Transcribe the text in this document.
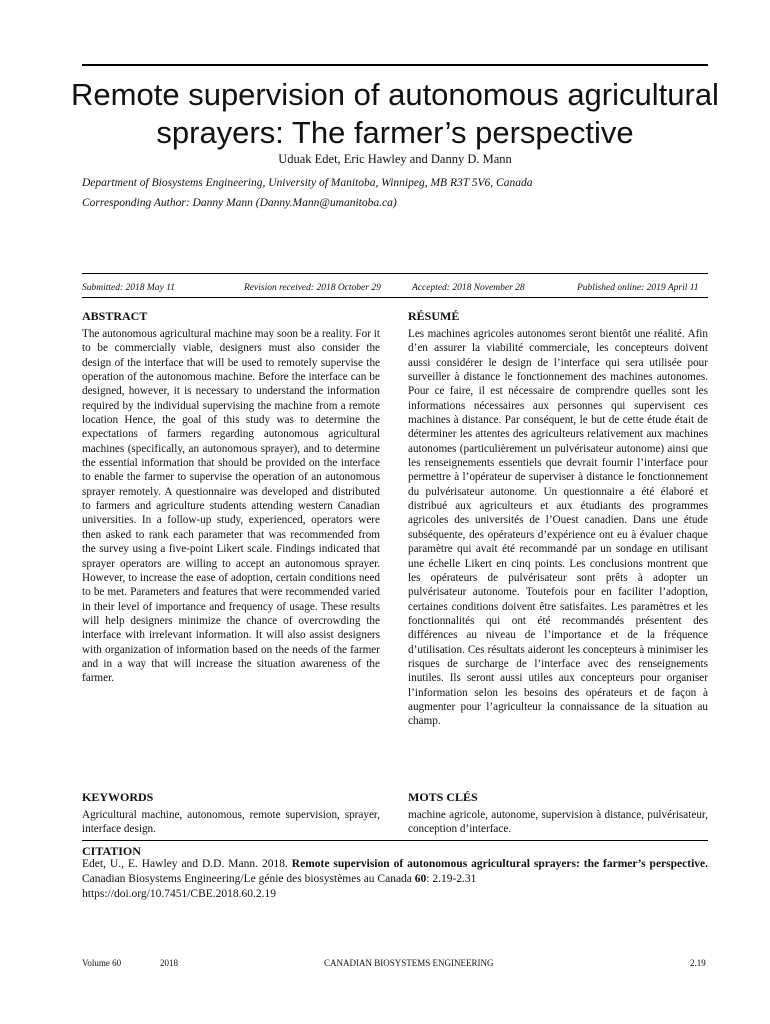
Remote supervision of autonomous agricultural sprayers: The farmer’s perspective
Uduak Edet, Eric Hawley and Danny D. Mann
Department of Biosystems Engineering, University of Manitoba, Winnipeg, MB R3T 5V6, Canada
Corresponding Author: Danny Mann (Danny.Mann@umanitoba.ca)
Submitted: 2018 May 11	Revision received: 2018 October 29	Accepted: 2018 November 28	Published online: 2019 April 11
ABSTRACT
The autonomous agricultural machine may soon be a reality. For it to be commercially viable, designers must also consider the design of the interface that will be used to remotely supervise the operation of the autonomous machine. Before the interface can be designed, however, it is necessary to understand the information required by the individual supervising the machine from a remote location Hence, the goal of this study was to determine the expectations of farmers regarding autonomous agricultural machines (specifically, an autonomous sprayer), and to determine the essential information that should be provided on the interface to enable the farmer to supervise the operation of an autonomous sprayer remotely. A questionnaire was developed and distributed to farmers and agriculture students attending western Canadian universities. In a follow-up study, experienced, operators were then asked to rank each parameter that was recommended from the survey using a five-point Likert scale. Findings indicated that sprayer operators are willing to accept an autonomous sprayer. However, to increase the ease of adoption, certain conditions need to be met. Parameters and features that were recommended varied in their level of importance and frequency of usage. These results will help designers minimize the chance of overcrowding the interface with irrelevant information. It will also assist designers with organization of information based on the needs of the farmer and in a way that will increase the situation awareness of the farmer.
RÉSUMÉ
Les machines agricoles autonomes seront bientôt une réalité. Afin d’en assurer la viabilité commerciale, les concepteurs doivent aussi considérer le design de l’interface qui sera utilisée pour surveiller à distance le fonctionnement des machines autonomes. Pour ce faire, il est nécessaire de comprendre quelles sont les informations nécessaires aux personnes qui supervisent ces machines à distance. Par conséquent, le but de cette étude était de déterminer les attentes des agriculteurs relativement aux machines autonomes (particulièrement un pulvérisateur autonome) ainsi que les renseignements essentiels que devrait fournir l’interface pour permettre à l’opérateur de superviser à distance le fonctionnement du pulvérisateur autonome. Un questionnaire a été élaboré et distribué aux agriculteurs et aux étudiants des programmes agricoles des universités de l’Ouest canadien. Dans une étude subséquente, des opérateurs d’expérience ont eu à évaluer chaque paramètre qui avait été recommandé par un sondage en utilisant une échelle Likert en cinq points. Les conclusions montrent que les opérateurs de pulvérisateur sont prêts à adopter un pulvérisateur autonome. Toutefois pour en faciliter l’adoption, certaines conditions doivent être satisfaites. Les paramètres et les fonctionnalités qui ont été recommandés présentent des différences au niveau de l’importance et de la fréquence d’utilisation. Ces résultats aideront les concepteurs à minimiser les risques de surcharge de l’interface avec des renseignements inutiles. Ils seront aussi utiles aux concepteurs pour organiser l’information selon les besoins des opérateurs et de façon à augmenter pour l’agriculteur la connaissance de la situation au champ.
KEYWORDS
Agricultural machine, autonomous, remote supervision, sprayer, interface design.
MOTS CLÉS
machine agricole, autonome, supervision à distance, pulvérisateur, conception d’interface.
CITATION
Edet, U., E. Hawley and D.D. Mann. 2018. Remote supervision of autonomous agricultural sprayers: the farmer’s perspective. Canadian Biosystems Engineering/Le génie des biosystèmes au Canada 60: 2.19-2.31
https://doi.org/10.7451/CBE.2018.60.2.19
Volume 60	2018	CANADIAN BIOSYSTEMS ENGINEERING	2.19
